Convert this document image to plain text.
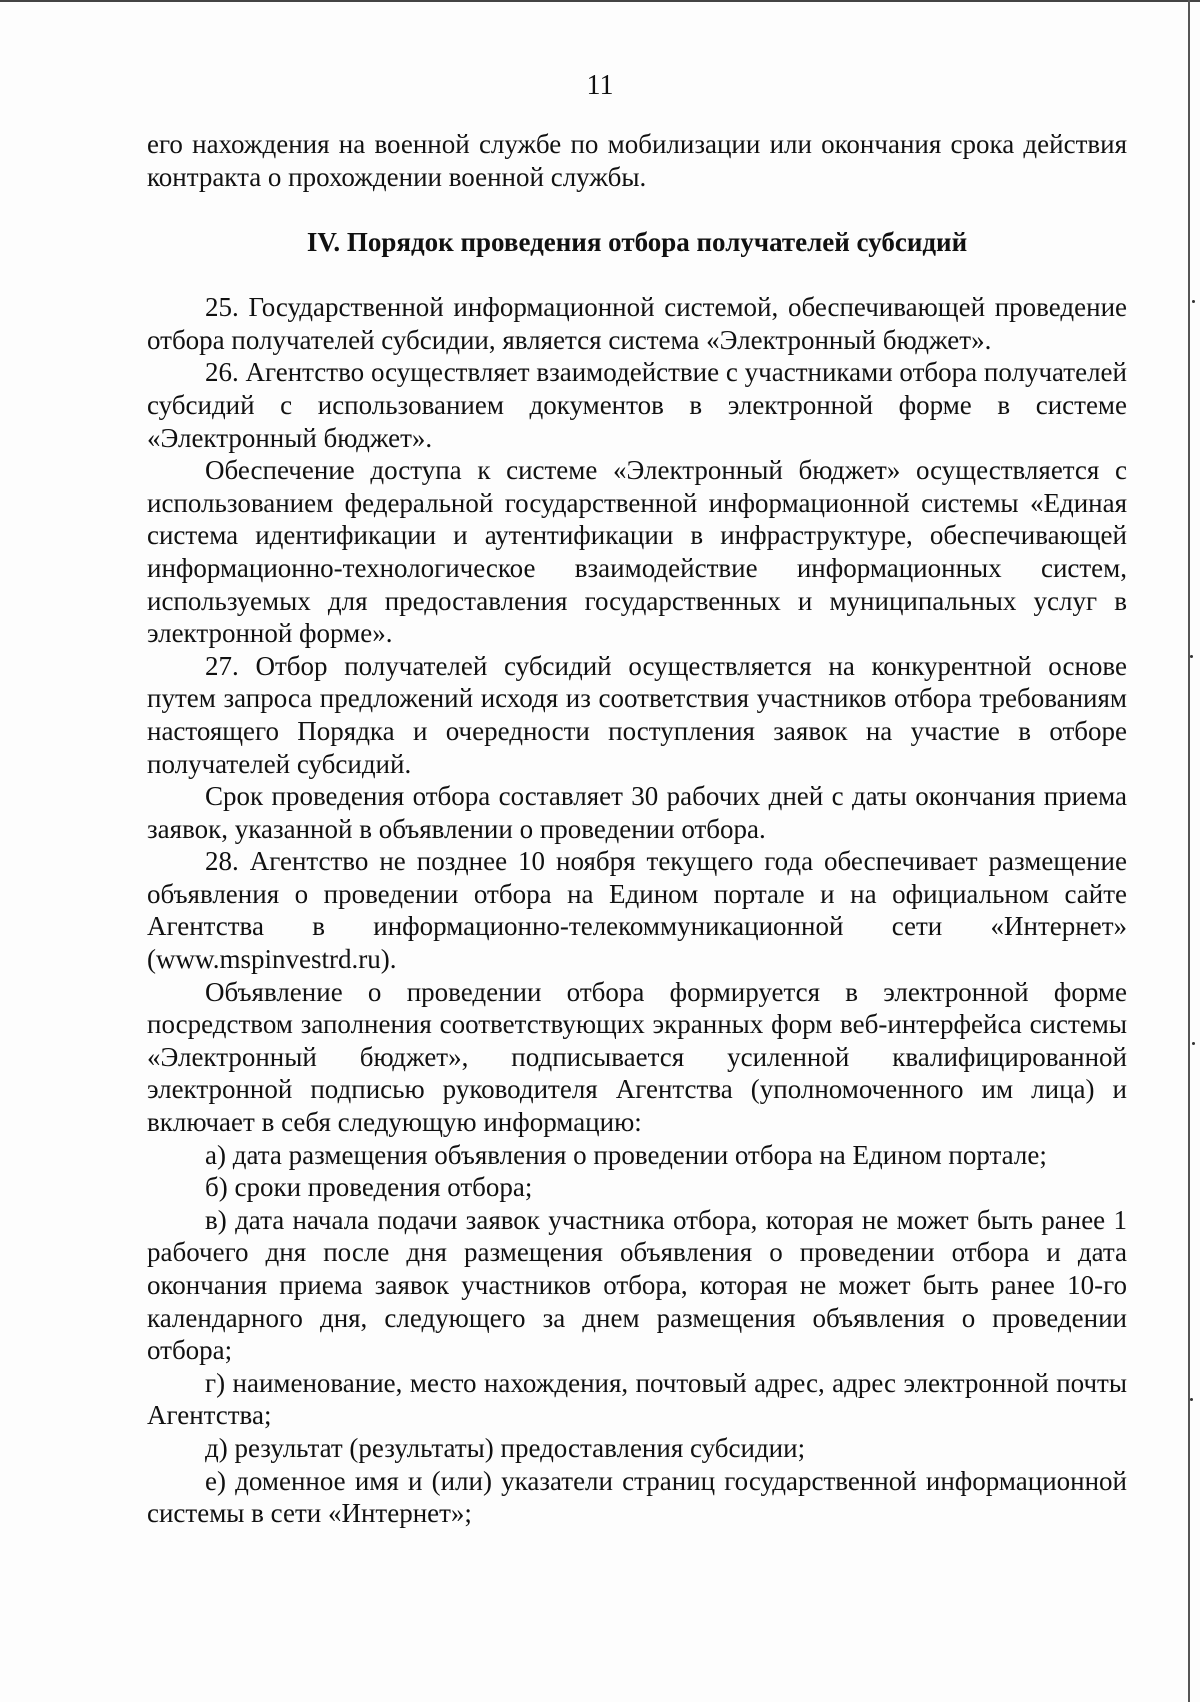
11

его нахождения на военной службе по мобилизации или окончания срока действия контракта о прохождении военной службы.

IV. Порядок проведения отбора получателей субсидий

25. Государственной информационной системой, обеспечивающей проведение отбора получателей субсидии, является система «Электронный бюджет».

26. Агентство осуществляет взаимодействие с участниками отбора получателей субсидий с использованием документов в электронной форме в системе «Электронный бюджет».

Обеспечение доступа к системе «Электронный бюджет» осуществляется с использованием федеральной государственной информационной системы «Единая система идентификации и аутентификации в инфраструктуре, обеспечивающей информационно-технологическое взаимодействие информационных систем, используемых для предоставления государственных и муниципальных услуг в электронной форме».

27. Отбор получателей субсидий осуществляется на конкурентной основе путем запроса предложений исходя из соответствия участников отбора требованиям настоящего Порядка и очередности поступления заявок на участие в отборе получателей субсидий.

Срок проведения отбора составляет 30 рабочих дней с даты окончания приема заявок, указанной в объявлении о проведении отбора.

28. Агентство не позднее 10 ноября текущего года обеспечивает размещение объявления о проведении отбора на Едином портале и на официальном сайте Агентства в информационно-телекоммуникационной сети «Интернет» (www.mspinvestrd.ru).

Объявление о проведении отбора формируется в электронной форме посредством заполнения соответствующих экранных форм веб-интерфейса системы «Электронный бюджет», подписывается усиленной квалифицированной электронной подписью руководителя Агентства (уполномоченного им лица) и включает в себя следующую информацию:

а) дата размещения объявления о проведении отбора на Едином портале;

б) сроки проведения отбора;

в) дата начала подачи заявок участника отбора, которая не может быть ранее 1 рабочего дня после дня размещения объявления о проведении отбора и дата окончания приема заявок участников отбора, которая не может быть ранее 10-го календарного дня, следующего за днем размещения объявления о проведении отбора;

г) наименование, место нахождения, почтовый адрес, адрес электронной почты Агентства;

д) результат (результаты) предоставления субсидии;

е) доменное имя и (или) указатели страниц государственной информационной системы в сети «Интернет»;
